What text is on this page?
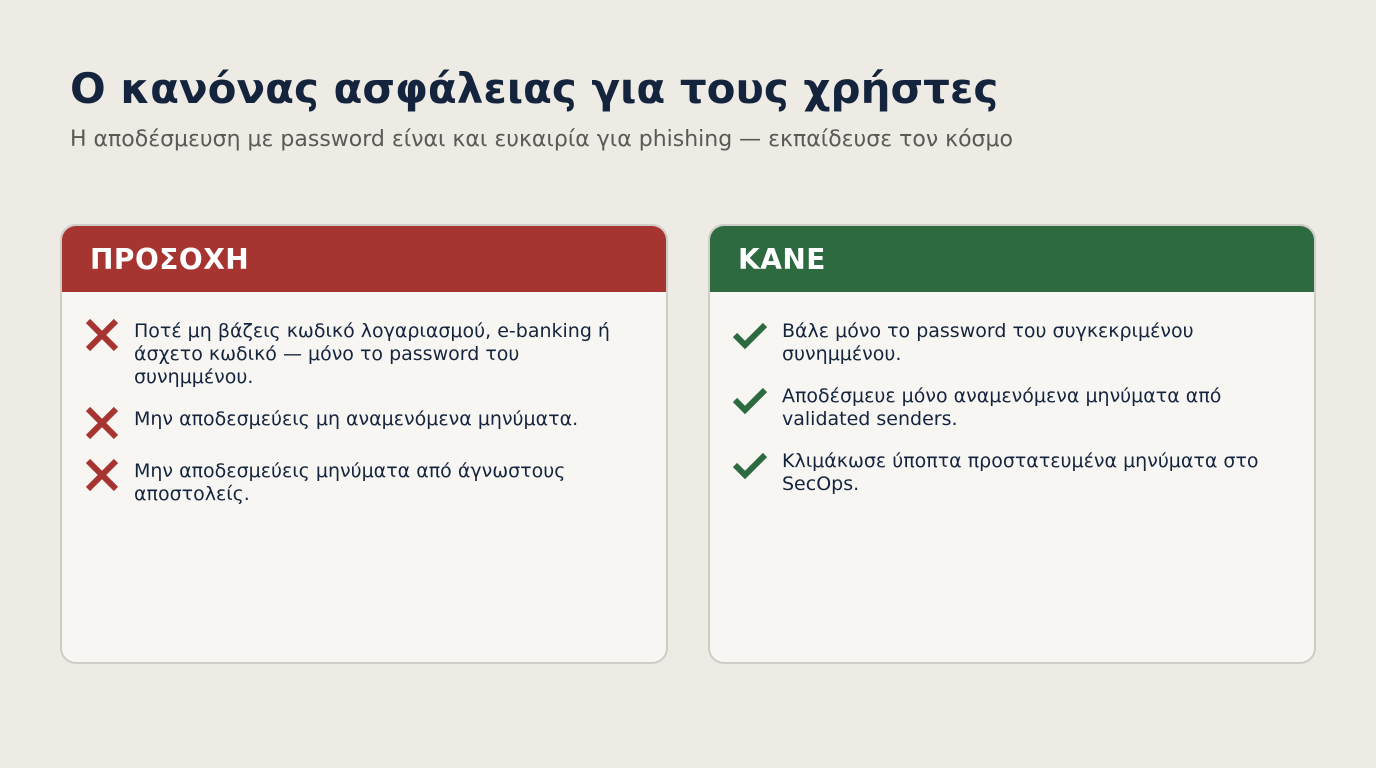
Ο κανόνας ασφάλειας για τους χρήστες
Η αποδέσμευση με password είναι και ευκαιρία για phishing — εκπαίδευσε τον κόσμο
ΠΡΟΣΟΧΗ
Ποτέ μη βάζεις κωδικό λογαριασμού, e-banking ή άσχετο κωδικό — μόνο το password του συνημμένου.
Μην αποδεσμεύεις μη αναμενόμενα μηνύματα.
Μην αποδεσμεύεις μηνύματα από άγνωστους αποστολείς.
ΚΑΝΕ
Βάλε μόνο το password του συγκεκριμένου συνημμένου.
Αποδέσμευε μόνο αναμενόμενα μηνύματα από validated senders.
Κλιμάκωσε ύποπτα προστατευμένα μηνύματα στο SecOps.
